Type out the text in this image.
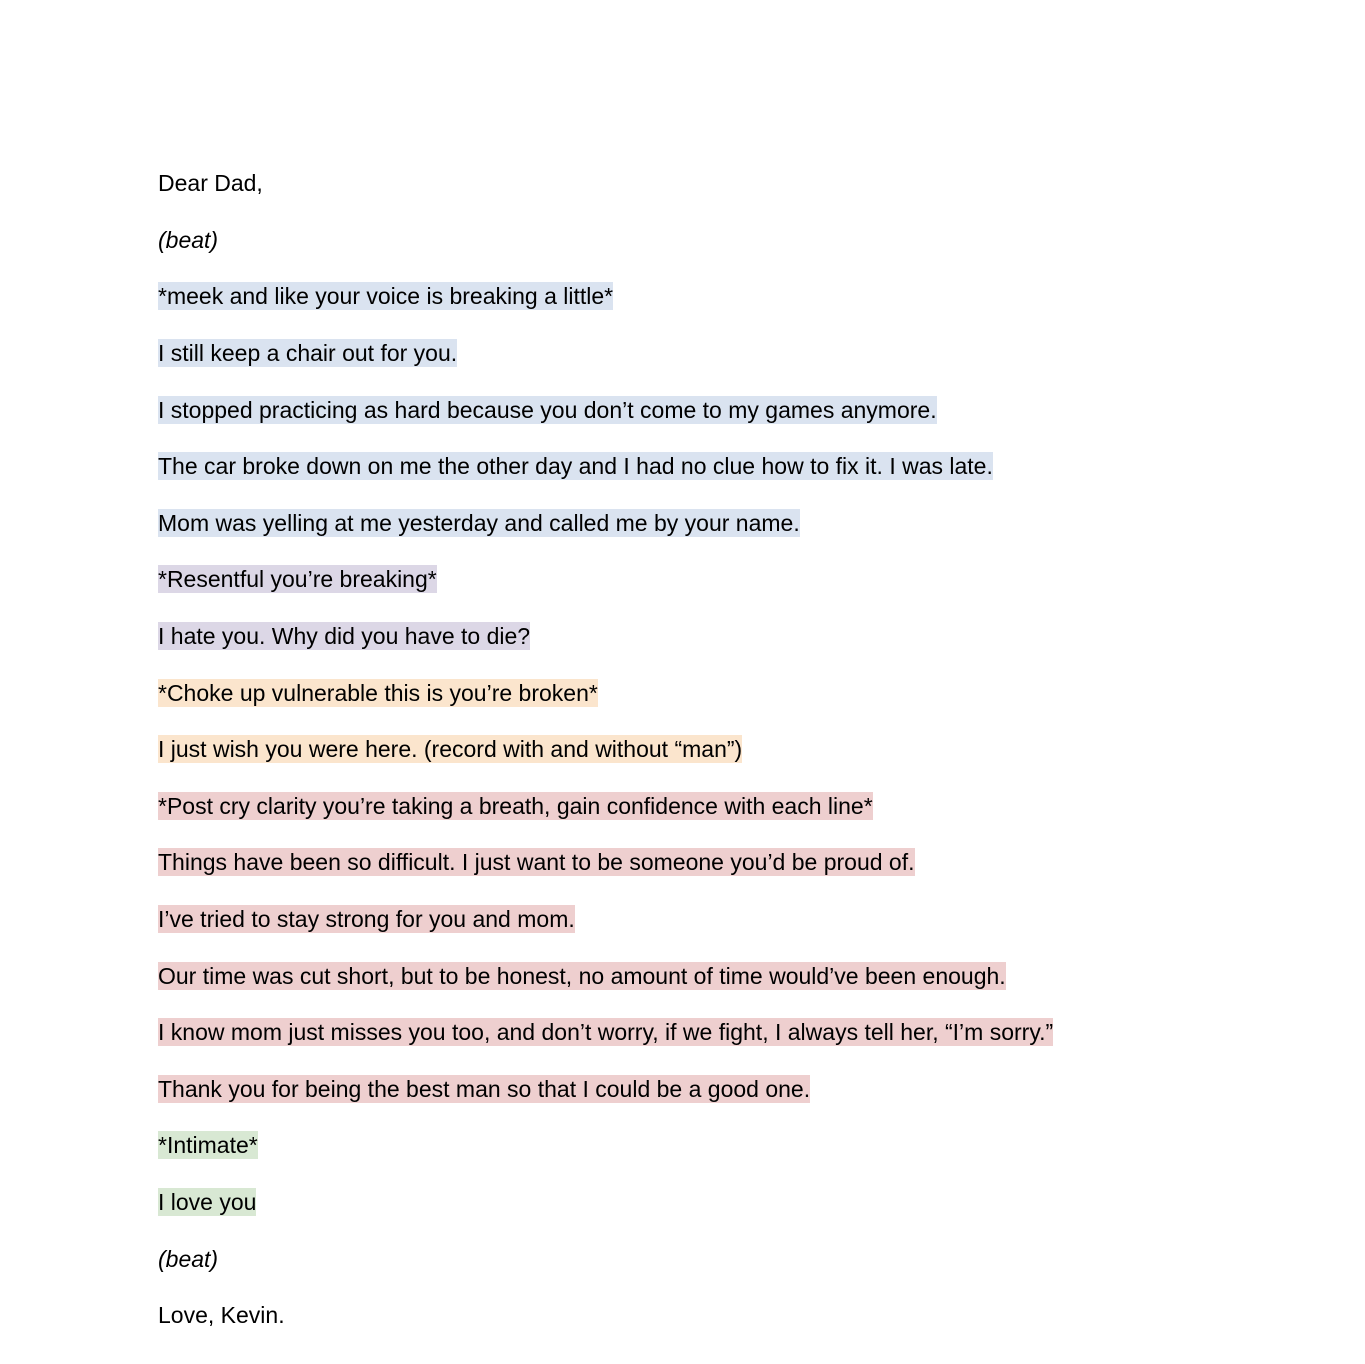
Dear Dad,
(beat)
*meek and like your voice is breaking a little*
I still keep a chair out for you.
I stopped practicing as hard because you don’t come to my games anymore.
The car broke down on me the other day and I had no clue how to fix it. I was late.
Mom was yelling at me yesterday and called me by your name.
*Resentful you’re breaking*
I hate you. Why did you have to die?
*Choke up vulnerable this is you’re broken*
I just wish you were here. (record with and without “man”)
*Post cry clarity you’re taking a breath, gain confidence with each line*
Things have been so difficult. I just want to be someone you’d be proud of.
I’ve tried to stay strong for you and mom.
Our time was cut short, but to be honest, no amount of time would’ve been enough.
I know mom just misses you too, and don’t worry, if we fight, I always tell her, “I’m sorry.”
Thank you for being the best man so that I could be a good one.
*Intimate*
I love you
(beat)
Love, Kevin.
